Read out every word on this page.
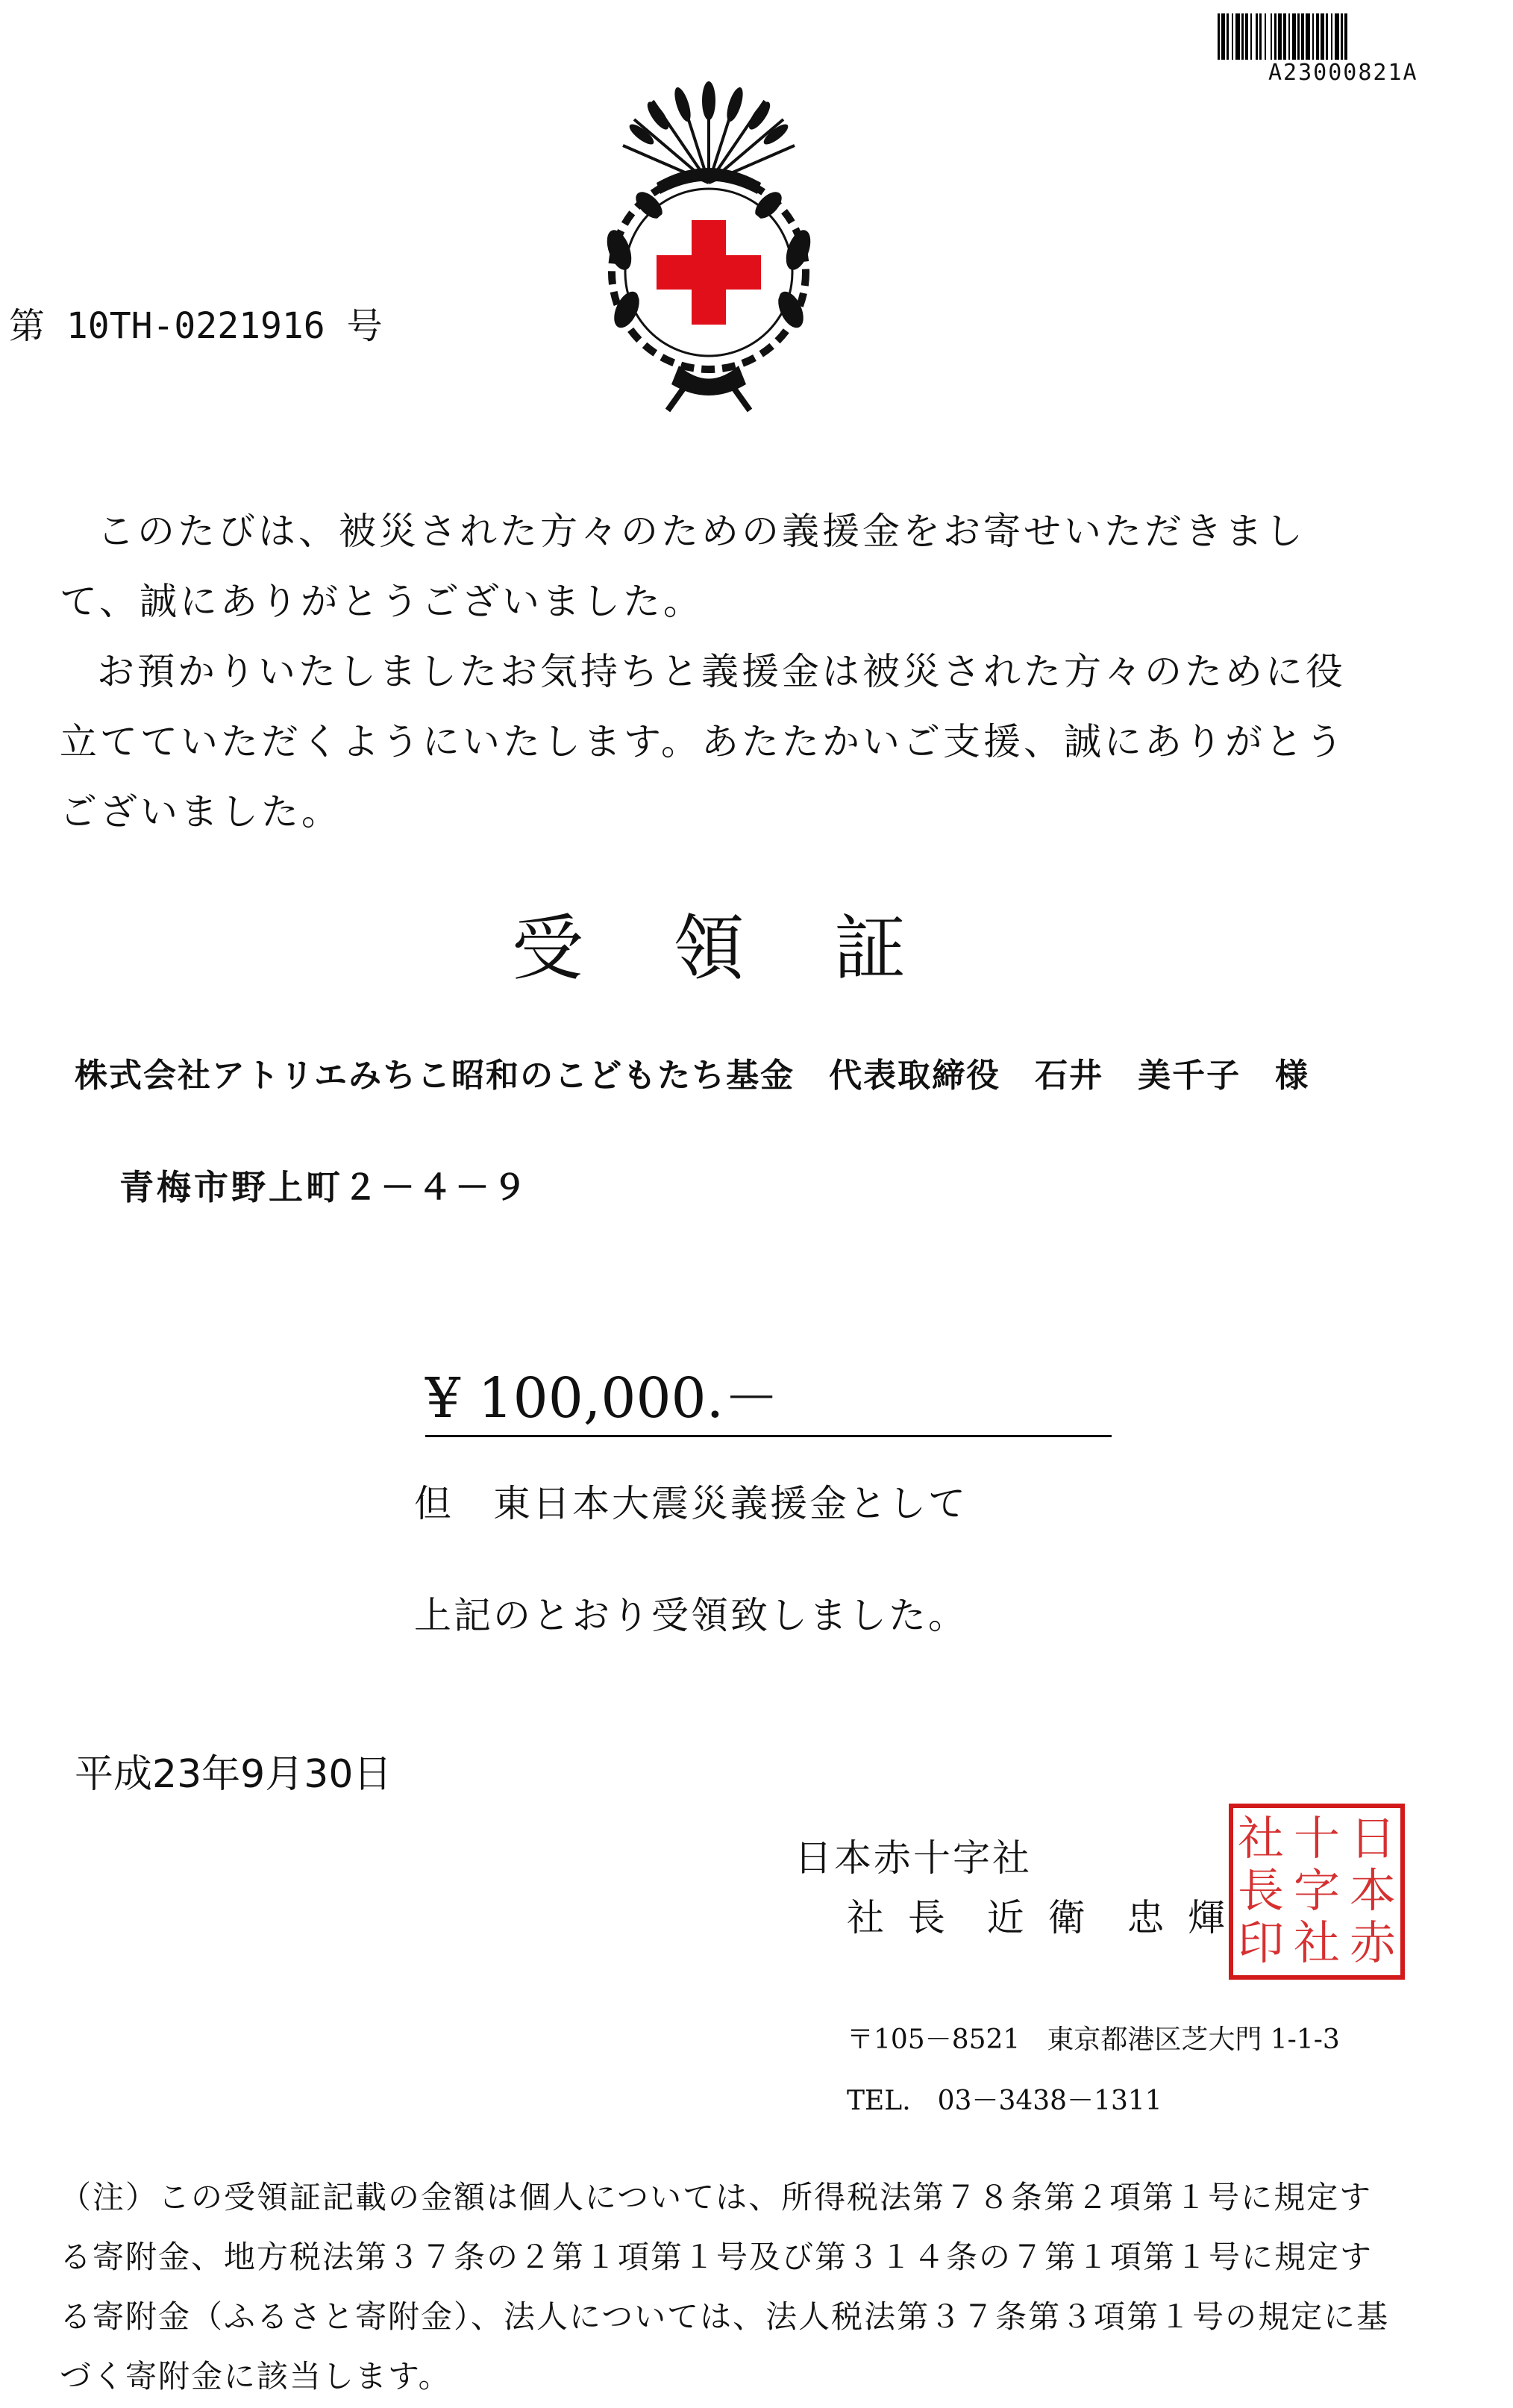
A23000821A
第 10TH-0221916 号

このたびは、被災された方々のための義援金をお寄せいただきまして、誠にありがとうございました。

お預かりいたしましたお気持ちと義援金は被災された方々のために役立てていただくようにいたします。あたたかいご支援、誠にありがとうございました。

受領証
株式会社アトリエみちこ昭和のこどもたち基金　代表取締役　石井　美千子　様
青梅市野上町２－４－９
¥ 100,000.－
但　東日本大震災義援金として
上記のとおり受領致しました。
平成23年9月30日
日本赤十字社
社 長  近 衛  忠 煇
日
本
赤
十
字
社
社
長
印
〒105－8521　東京都港区芝大門 1-1-3
TEL.　03－3438－1311
（注）この受領証記載の金額は個人については、所得税法第７８条第２項第１号に規定する寄附金、地方税法第３７条の２第１項第１号及び第３１４条の７第１項第１号に規定する寄附金（ふるさと寄附金）、法人については、法人税法第３７条第３項第１号の規定に基づく寄附金に該当します。
